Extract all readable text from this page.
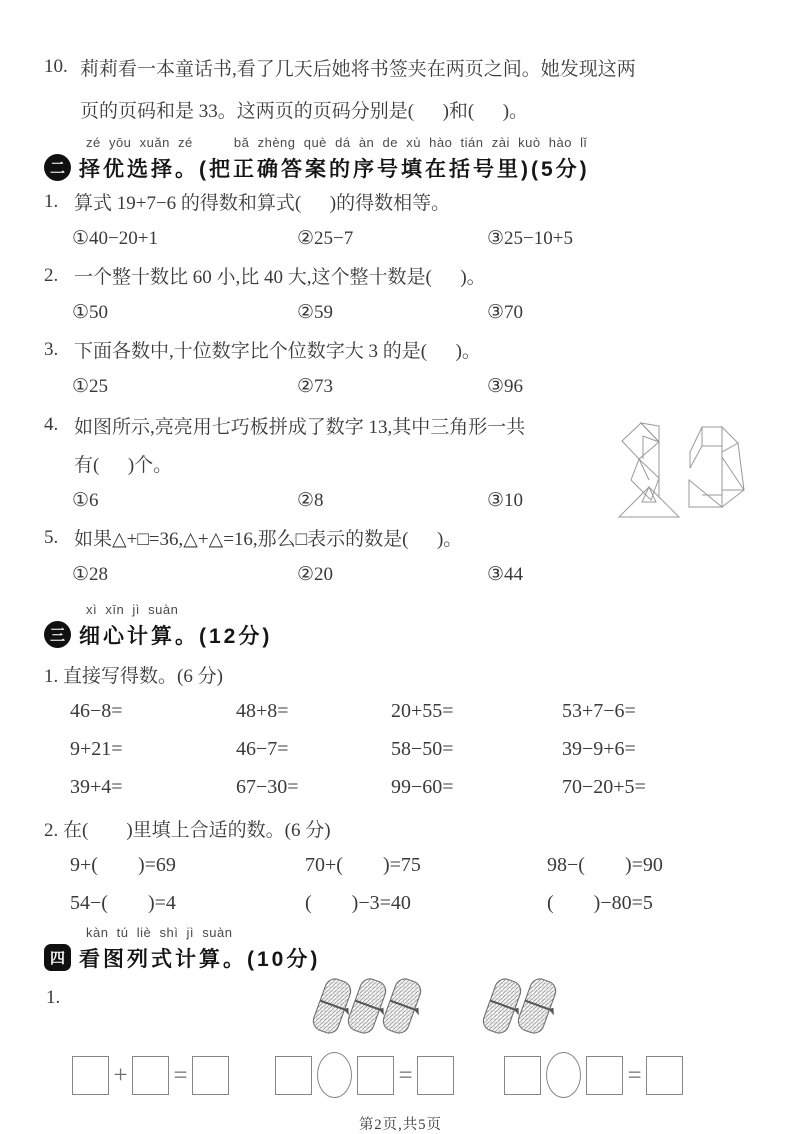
10. 莉莉看一本童话书,看了几天后她将书签夹在两页之间。她发现这两
页的页码和是 33。这两页的页码分别是(      )和(      )。
zé  yōu  xuǎn  zé          bǎ  zhèng  què  dá  àn  de  xù  hào  tián  zài  kuò  hào  lǐ
二 择优选择。(把正确答案的序号填在括号里)(5分)
1. 算式 19+7−6 的得数和算式(      )的得数相等。
①40−20+1	②25−7	③25−10+5
2. 一个整十数比 60 小,比 40 大,这个整十数是(      )。
①50	②59	③70
3. 下面各数中,十位数字比个位数字大 3 的是(      )。
①25	②73	③96
4. 如图所示,亮亮用七巧板拼成了数字 13,其中三角形一共
有(      )个。
①6	②8	③10
5. 如果△+□=36,△+△=16,那么□表示的数是(      )。
①28	②20	③44
xì  xīn  jì  suàn
三 细心计算。(12分)
1. 直接写得数。(6 分)
46−8=	48+8=	20+55=	53+7−6=
9+21=	46−7=	58−50=	39−9+6=
39+4=	67−30=	99−60=	70−20+5=
2. 在(        )里填上合适的数。(6 分)
9+(        )=69	70+(        )=75	98−(        )=90
54−(        )=4	(        )−3=40	(        )−80=5
kàn  tú  liè  shì  jì  suàn
四 看图列式计算。(10分)
1.
+ =	=	=
第2页,共5页
